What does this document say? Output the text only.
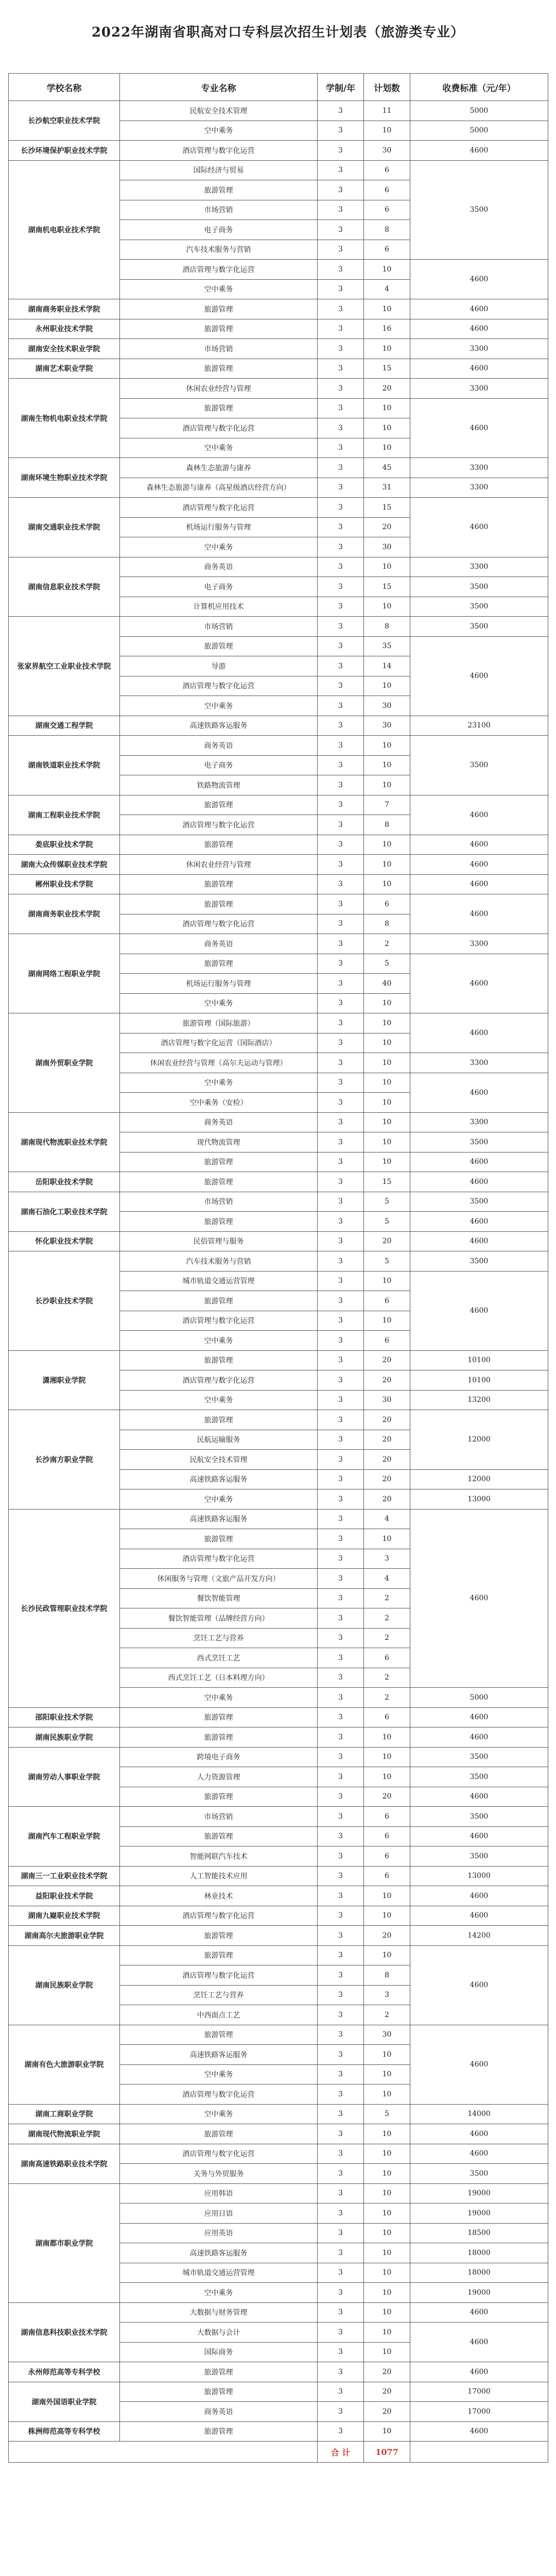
2022年湖南省职高对口专科层次招生计划表（旅游类专业）
学校名称	专业名称	学制/年	计划数	收费标准（元/年）
长沙航空职业技术学院	民航安全技术管理	3	11	5000
	空中乘务	3	10	5000
长沙环境保护职业技术学院	酒店管理与数字化运营	3	30	4600
湖南机电职业技术学院	国际经济与贸易	3	6	3500
	旅游管理	3	6	
	市场营销	3	6	
	电子商务	3	8	
	汽车技术服务与营销	3	6	
	酒店管理与数字化运营	3	10	4600
	空中乘务	3	4	
湖南商务职业技术学院	旅游管理	3	10	4600
永州职业技术学院	旅游管理	3	16	4600
湖南安全技术职业学院	市场营销	3	10	3300
湖南艺术职业学院	旅游管理	3	15	4600
湖南生物机电职业技术学院	休闲农业经营与管理	3	20	3300
	旅游管理	3	10	4600
	酒店管理与数字化运营	3	10	
	空中乘务	3	10	
湖南环境生物职业技术学院	森林生态旅游与康养	3	45	3300
	森林生态旅游与康养（高星级酒店经营方向）	3	31	3300
湖南交通职业技术学院	酒店管理与数字化运营	3	15	4600
	机场运行服务与管理	3	20	
	空中乘务	3	30	
湖南信息职业技术学院	商务英语	3	10	3300
	电子商务	3	15	3500
	计算机应用技术	3	10	3500
张家界航空工业职业技术学院	市场营销	3	8	3500
	旅游管理	3	35	4600
	导游	3	14	
	酒店管理与数字化运营	3	10	
	空中乘务	3	30	
湖南交通工程学院	高速铁路客运服务	3	30	23100
湖南铁道职业技术学院	商务英语	3	10	3500
	电子商务	3	10	
	铁路物流管理	3	10	
湖南工程职业技术学院	旅游管理	3	7	4600
	酒店管理与数字化运营	3	8	
娄底职业技术学院	旅游管理	3	10	4600
湖南大众传媒职业技术学院	休闲农业经营与管理	3	10	4600
郴州职业技术学院	旅游管理	3	10	4600
湖南商务职业技术学院	旅游管理	3	6	4600
	酒店管理与数字化运营	3	8	
湖南网络工程职业学院	商务英语	3	2	3300
	旅游管理	3	5	4600
	机场运行服务与管理	3	40	
	空中乘务	3	10	
湖南外贸职业学院	旅游管理（国际旅游）	3	10	4600
	酒店管理与数字化运营（国际酒店）	3	10	
	休闲农业经营与管理（高尔夫运动与管理）	3	10	3300
	空中乘务	3	10	4600
	空中乘务（安检）	3	10	
湖南现代物流职业技术学院	商务英语	3	10	3300
	现代物流管理	3	10	3500
	旅游管理	3	10	4600
岳阳职业技术学院	旅游管理	3	15	4600
湖南石油化工职业技术学院	市场营销	3	5	3500
	旅游管理	3	5	4600
怀化职业技术学院	民俗管理与服务	3	20	4600
长沙职业技术学院	汽车技术服务与营销	3	5	3500
	城市轨道交通运营管理	3	10	4600
	旅游管理	3	6	
	酒店管理与数字化运营	3	10	
	空中乘务	3	6	
潇湘职业学院	旅游管理	3	20	10100
	酒店管理与数字化运营	3	20	10100
	空中乘务	3	30	13200
长沙南方职业学院	旅游管理	3	20	12000
	民航运输服务	3	20	
	民航安全技术管理	3	20	
	高速铁路客运服务	3	20	12000
	空中乘务	3	20	13000
长沙民政管理职业技术学院	高速铁路客运服务	3	4	4600
	旅游管理	3	10	
	酒店管理与数字化运营	3	3	
	休闲服务与管理（文旅产品开发方向）	3	4	
	餐饮智能管理	3	2	
	餐饮智能管理（品牌经营方向）	3	2	
	烹饪工艺与营养	3	2	
	西式烹饪工艺	3	6	
	西式烹饪工艺（日本料理方向）	3	2	
	空中乘务	3	2	5000
邵阳职业技术学院	旅游管理	3	6	4600
湖南民族职业学院	旅游管理	3	10	4600
湖南劳动人事职业学院	跨境电子商务	3	10	3500
	人力资源管理	3	10	3500
	旅游管理	3	20	4600
湖南汽车工程职业学院	市场营销	3	6	3500
	旅游管理	3	6	4600
	智能网联汽车技术	3	6	3500
湖南三一工业职业技术学院	人工智能技术应用	3	6	13000
益阳职业技术学院	林业技术	3	10	4600
湖南九嶷职业技术学院	酒店管理与数字化运营	3	10	4600
湖南高尔夫旅游职业学院	旅游管理	3	20	14200
湖南民族职业学院	旅游管理	3	10	4600
	酒店管理与数字化运营	3	8	
	烹饪工艺与营养	3	3	
	中西面点工艺	3	2	
湖南有色大旅游职业学院	旅游管理	3	30	4600
	高速铁路客运服务	3	10	
	空中乘务	3	10	
	酒店管理与数字化运营	3	10	
湖南工商职业学院	空中乘务	3	5	14000
湖南现代物流职业学院	旅游管理	3	10	4600
湖南高速铁路职业技术学院	酒店管理与数字化运营	3	10	4600
	关务与外贸服务	3	10	3500
湖南都市职业学院	应用韩语	3	10	19000
	应用日语	3	10	19000
	应用英语	3	10	18500
	高速铁路客运服务	3	10	18000
	城市轨道交通运营管理	3	10	18000
	空中乘务	3	10	19000
湖南信息科技职业技术学院	大数据与财务管理	3	10	4600
	大数据与会计	3	10	4600
	国际商务	3	10	
永州师范高等专科学校	旅游管理	3	20	4600
湖南外国语职业学院	旅游管理	3	20	17000
	商务英语	3	20	17000
株洲师范高等专科学校	旅游管理	3	10	4600
		合 计	1077	
